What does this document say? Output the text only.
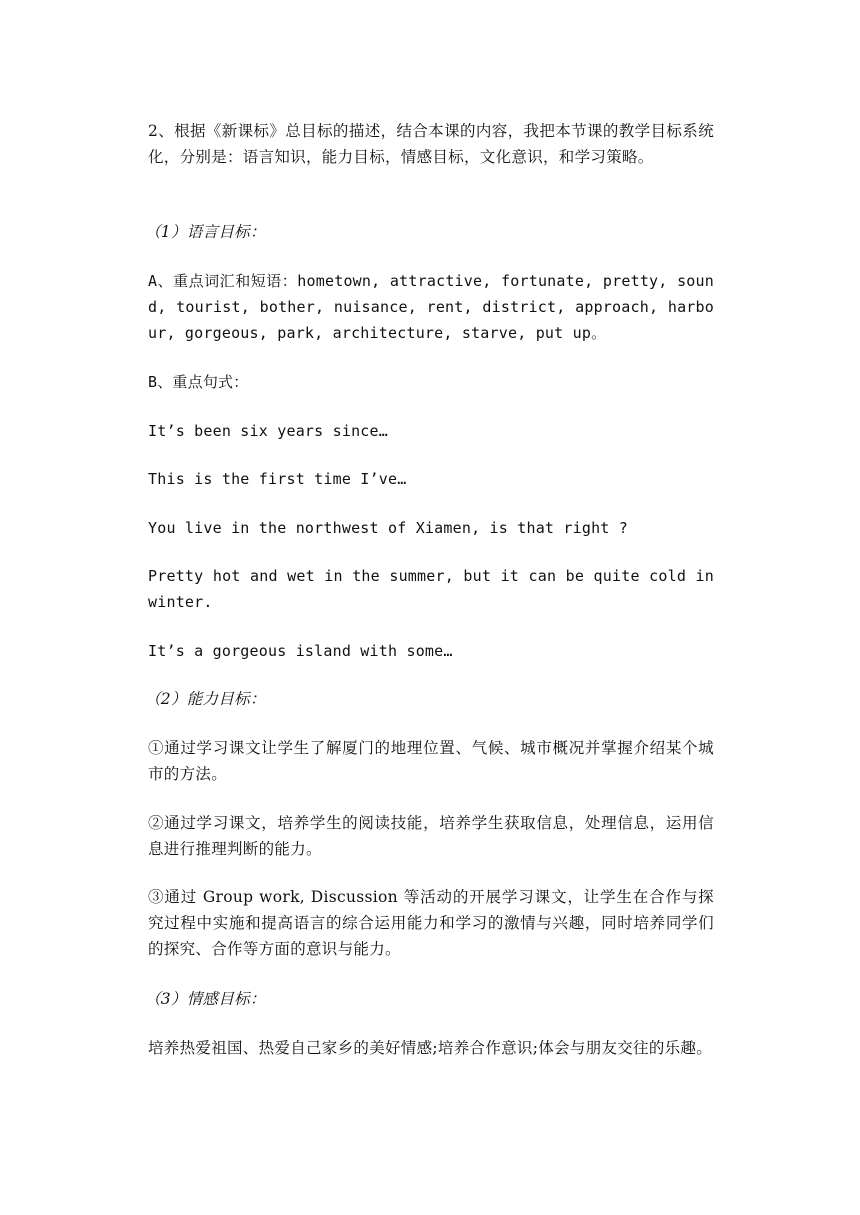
2、根据《新课标》总目标的描述，结合本课的内容，我把本节课的教学目标系统化，分别是：语言知识，能力目标，情感目标，文化意识，和学习策略。

（1）语言目标：

A、重点词汇和短语：hometown, attractive, fortunate, pretty, sound, tourist, bother, nuisance, rent, district, approach, harbour, gorgeous, park, architecture, starve, put up。

B、重点句式：

It’s been six years since…

This is the first time I’ve…

You live in the northwest of Xiamen, is that right ?

Pretty hot and wet in the summer, but it can be quite cold in winter.

It’s a gorgeous island with some…

（2）能力目标：

①通过学习课文让学生了解厦门的地理位置、气候、城市概况并掌握介绍某个城市的方法。

②通过学习课文，培养学生的阅读技能，培养学生获取信息，处理信息，运用信息进行推理判断的能力。

③通过 Group work, Discussion 等活动的开展学习课文，让学生在合作与探究过程中实施和提高语言的综合运用能力和学习的激情与兴趣，同时培养同学们的探究、合作等方面的意识与能力。

（3）情感目标：

培养热爱祖国、热爱自己家乡的美好情感;培养合作意识;体会与朋友交往的乐趣。
